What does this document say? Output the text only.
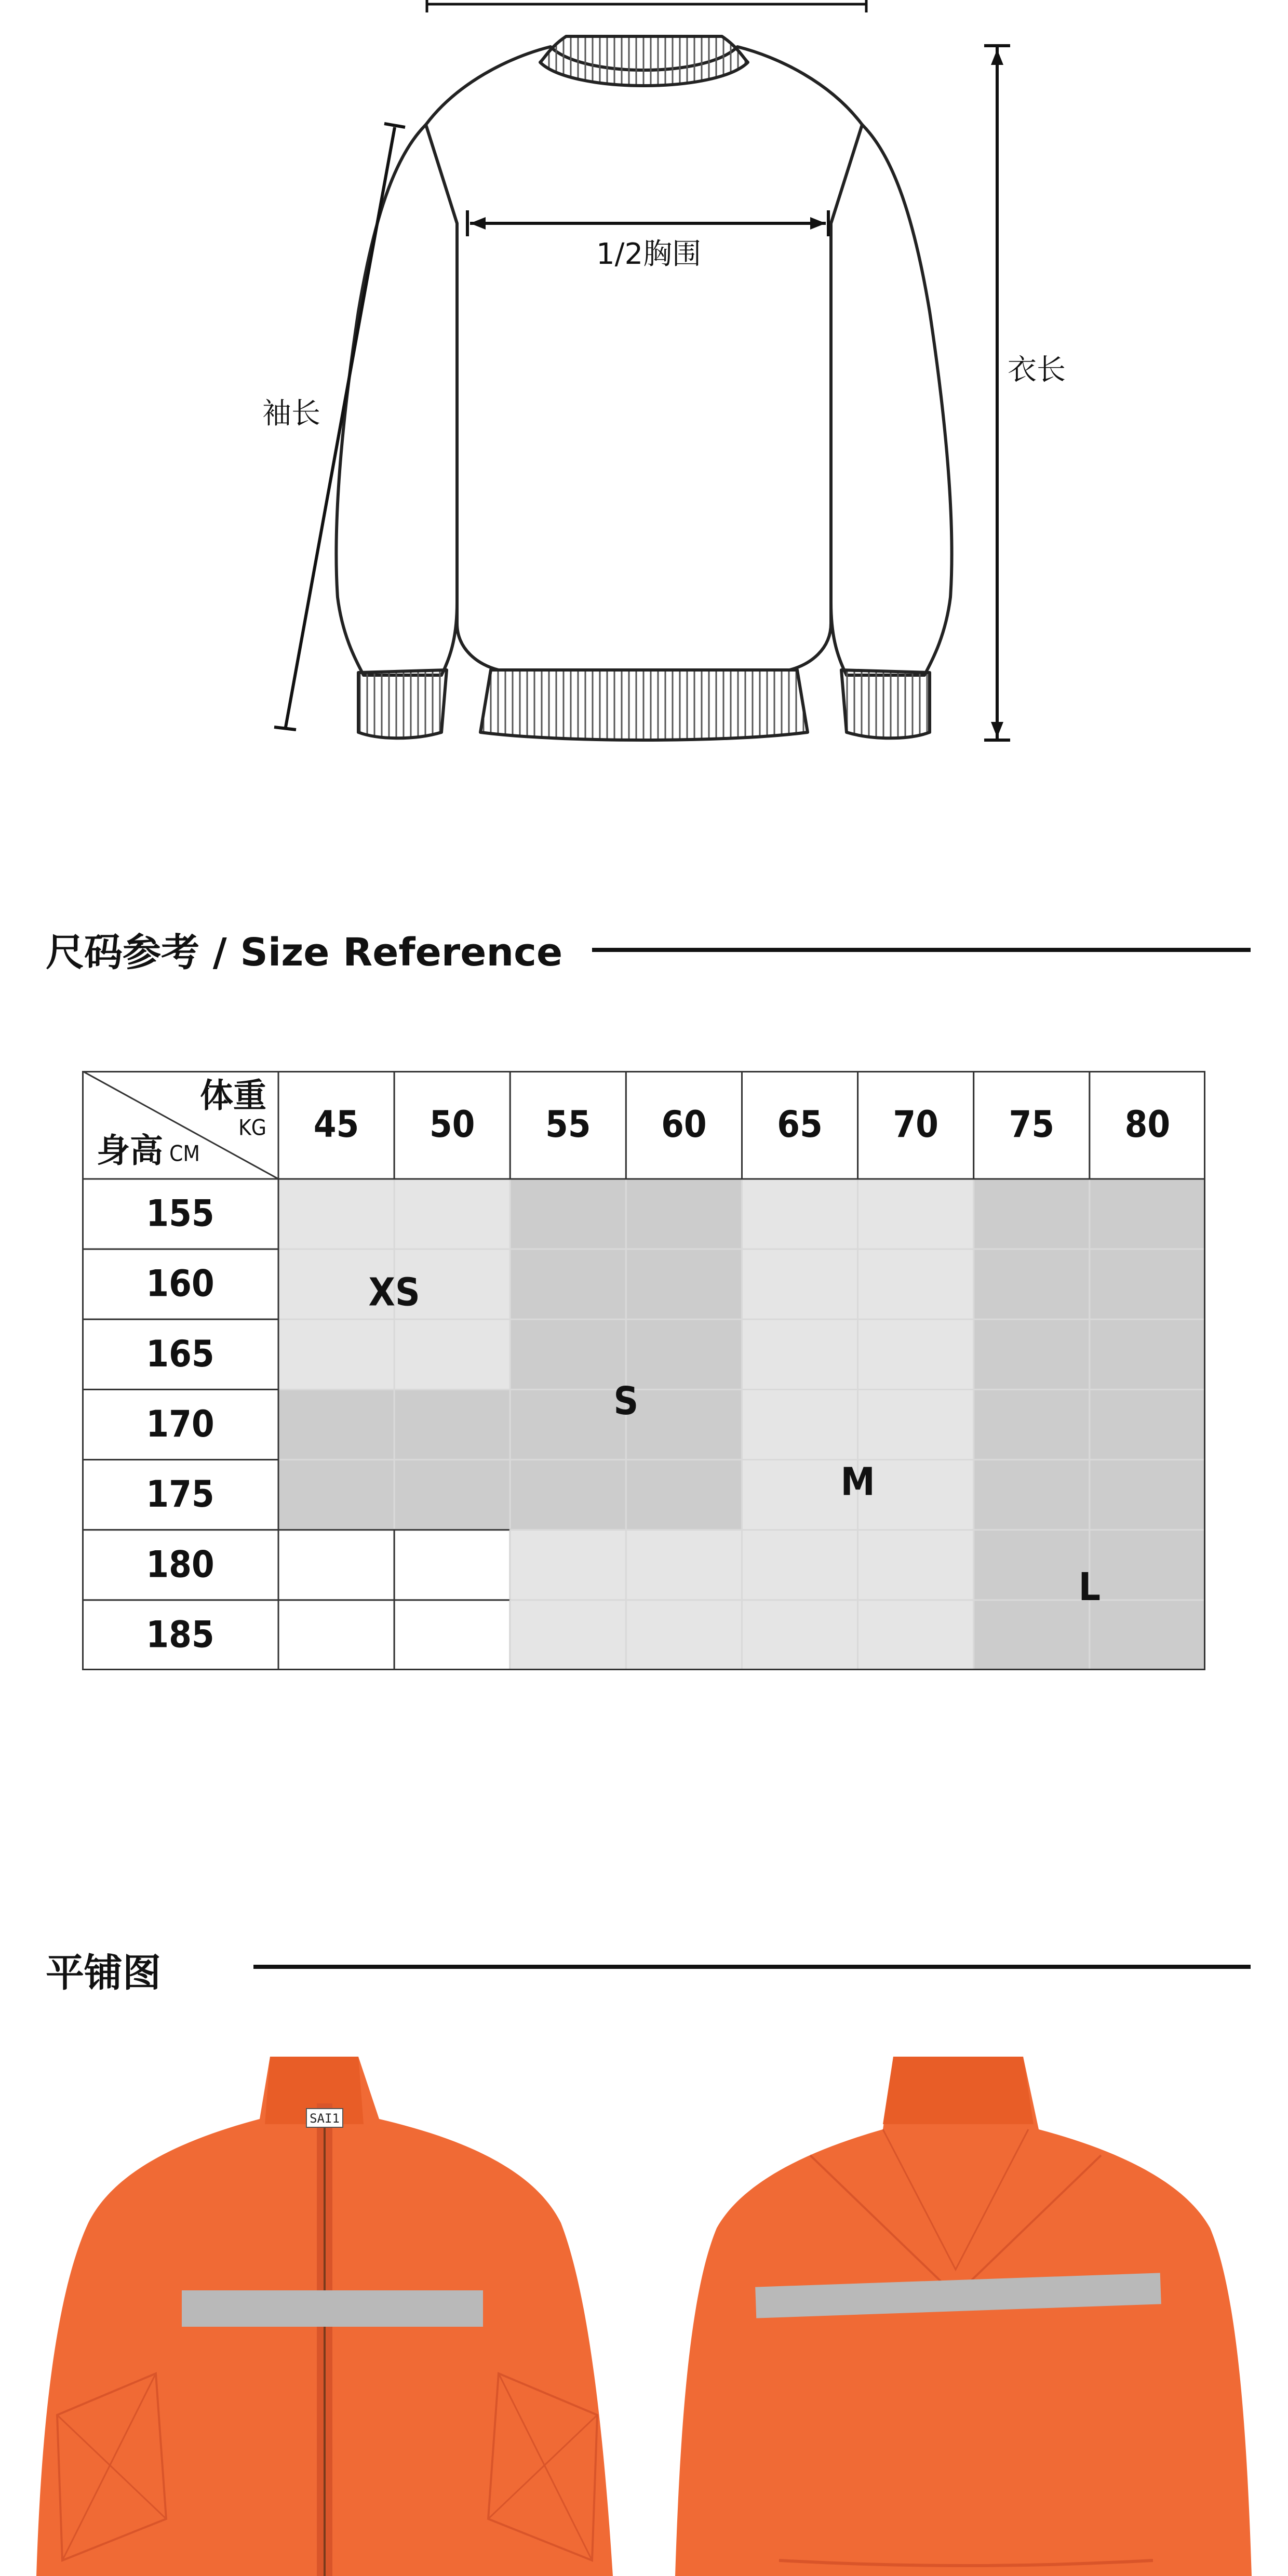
1/2胸围
袖长
衣长
尺码参考 / Size Reference
45 50 55 60 65 70 75 80
155
160
165
170
175
180
185
体重
KG
身高 CM
XS
S
M
L
平铺图
SAI1
